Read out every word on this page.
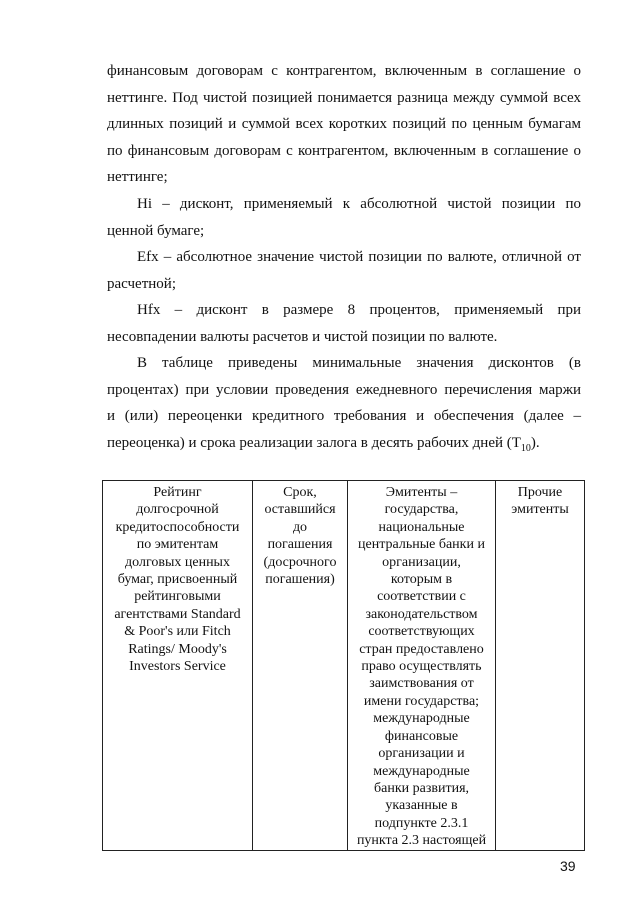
финансовым договорам с контрагентом, включенным в соглашение о
неттинге. Под чистой позицией понимается разница между суммой всех
длинных позиций и суммой всех коротких позиций по ценным бумагам
по финансовым договорам с контрагентом, включенным в соглашение о
неттинге;
Hi – дисконт, применяемый к абсолютной чистой позиции по
ценной бумаге;
Efx – абсолютное значение чистой позиции по валюте, отличной от
расчетной;
Hfx – дисконт в размере 8 процентов, применяемый при
несовпадении валюты расчетов и чистой позиции по валюте.
В таблице приведены минимальные значения дисконтов (в
процентах) при условии проведения ежедневного перечисления маржи
и (или) переоценки кредитного требования и обеспечения (далее –
переоценка) и срока реализации залога в десять рабочих дней $(Т_{10})$.
Рейтинг
долгосрочной
кредитоспособности
по эмитентам
долговых ценных
бумаг, присвоенный
рейтинговыми
агентствами Standard
& Poor's или Fitch
Ratings/ Moody's
Investors Service

Срок,
оставшийся
до
погашения
(досрочного
погашения)

Эмитенты –
государства,
национальные
центральные банки и
организации,
которым в
соответствии с
законодательством
соответствующих
стран предоставлено
право осуществлять
заимствования от
имени государства;
международные
финансовые
организации и
международные
банки развития,
указанные в
подпункте 2.3.1
пункта 2.3 настоящей

Прочие
эмитенты
39
